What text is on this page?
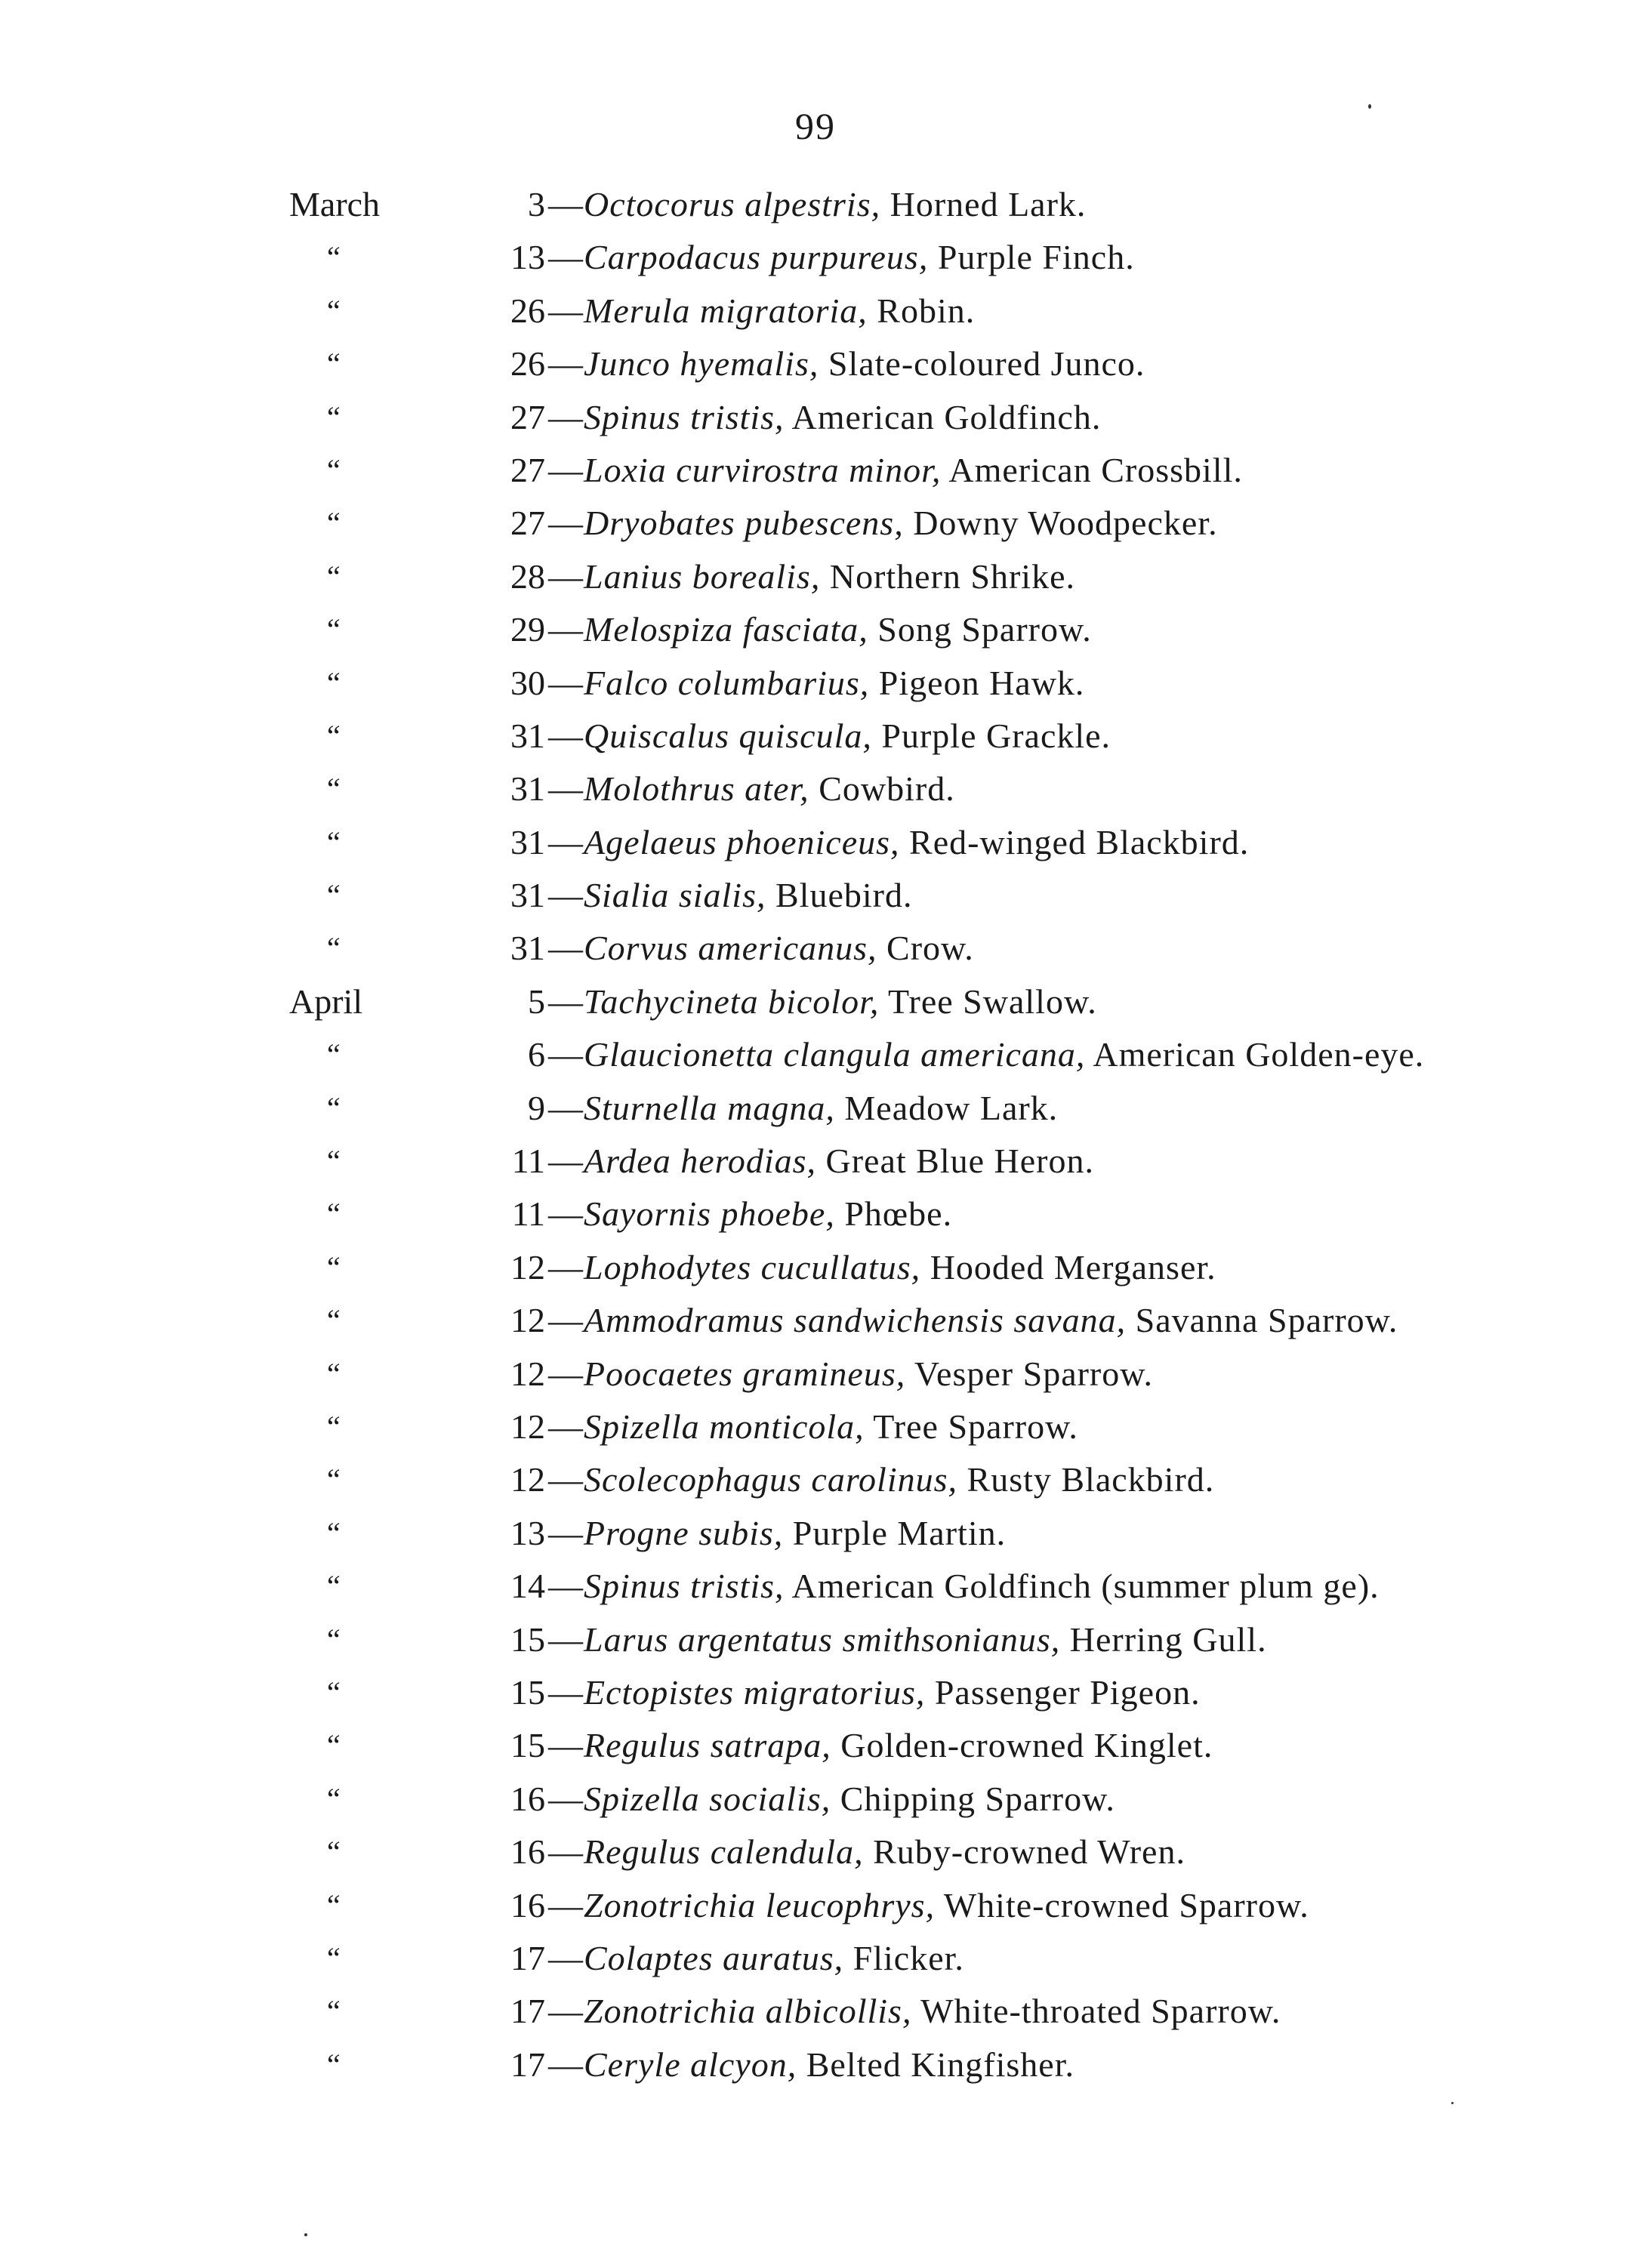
99
March	3 —Octocorus alpestris, Horned Lark.
“	13 —Carpodacus purpureus, Purple Finch.
“	26 —Merula migratoria, Robin.
“	26 —Junco hyemalis, Slate-coloured Junco.
“	27 —Spinus tristis, American Goldfinch.
“	27 —Loxia curvirostra minor, American Crossbill.
“	27 —Dryobates pubescens, Downy Woodpecker.
“	28 —Lanius borealis, Northern Shrike.
“	29 —Melospiza fasciata, Song Sparrow.
“	30 —Falco columbarius, Pigeon Hawk.
“	31 —Quiscalus quiscula, Purple Grackle.
“	31 —Molothrus ater, Cowbird.
“	31 —Agelaeus phoeniceus, Red-winged Blackbird.
“	31 —Sialia sialis, Bluebird.
“	31 —Corvus americanus, Crow.
April	5 —Tachycineta bicolor, Tree Swallow.
“	6 —Glaucionetta clangula americana, American Golden-eye.
“	9 —Sturnella magna, Meadow Lark.
“	11 —Ardea herodias, Great Blue Heron.
“	11 —Sayornis phoebe, Phœbe.
“	12 —Lophodytes cucullatus, Hooded Merganser.
“	12 —Ammodramus sandwichensis savana, Savanna Sparrow.
“	12 —Poocaetes gramineus, Vesper Sparrow.
“	12 —Spizella monticola, Tree Sparrow.
“	12 —Scolecophagus carolinus, Rusty Blackbird.
“	13 —Progne subis, Purple Martin.
“	14 —Spinus tristis, American Goldfinch (summer plum ge).
“	15 —Larus argentatus smithsonianus, Herring Gull.
“	15 —Ectopistes migratorius, Passenger Pigeon.
“	15 —Regulus satrapa, Golden-crowned Kinglet.
“	16 —Spizella socialis, Chipping Sparrow.
“	16 —Regulus calendula, Ruby-crowned Wren.
“	16 —Zonotrichia leucophrys, White-crowned Sparrow.
“	17 —Colaptes auratus, Flicker.
“	17 —Zonotrichia albicollis, White-throated Sparrow.
“	17 —Ceryle alcyon, Belted Kingfisher.
